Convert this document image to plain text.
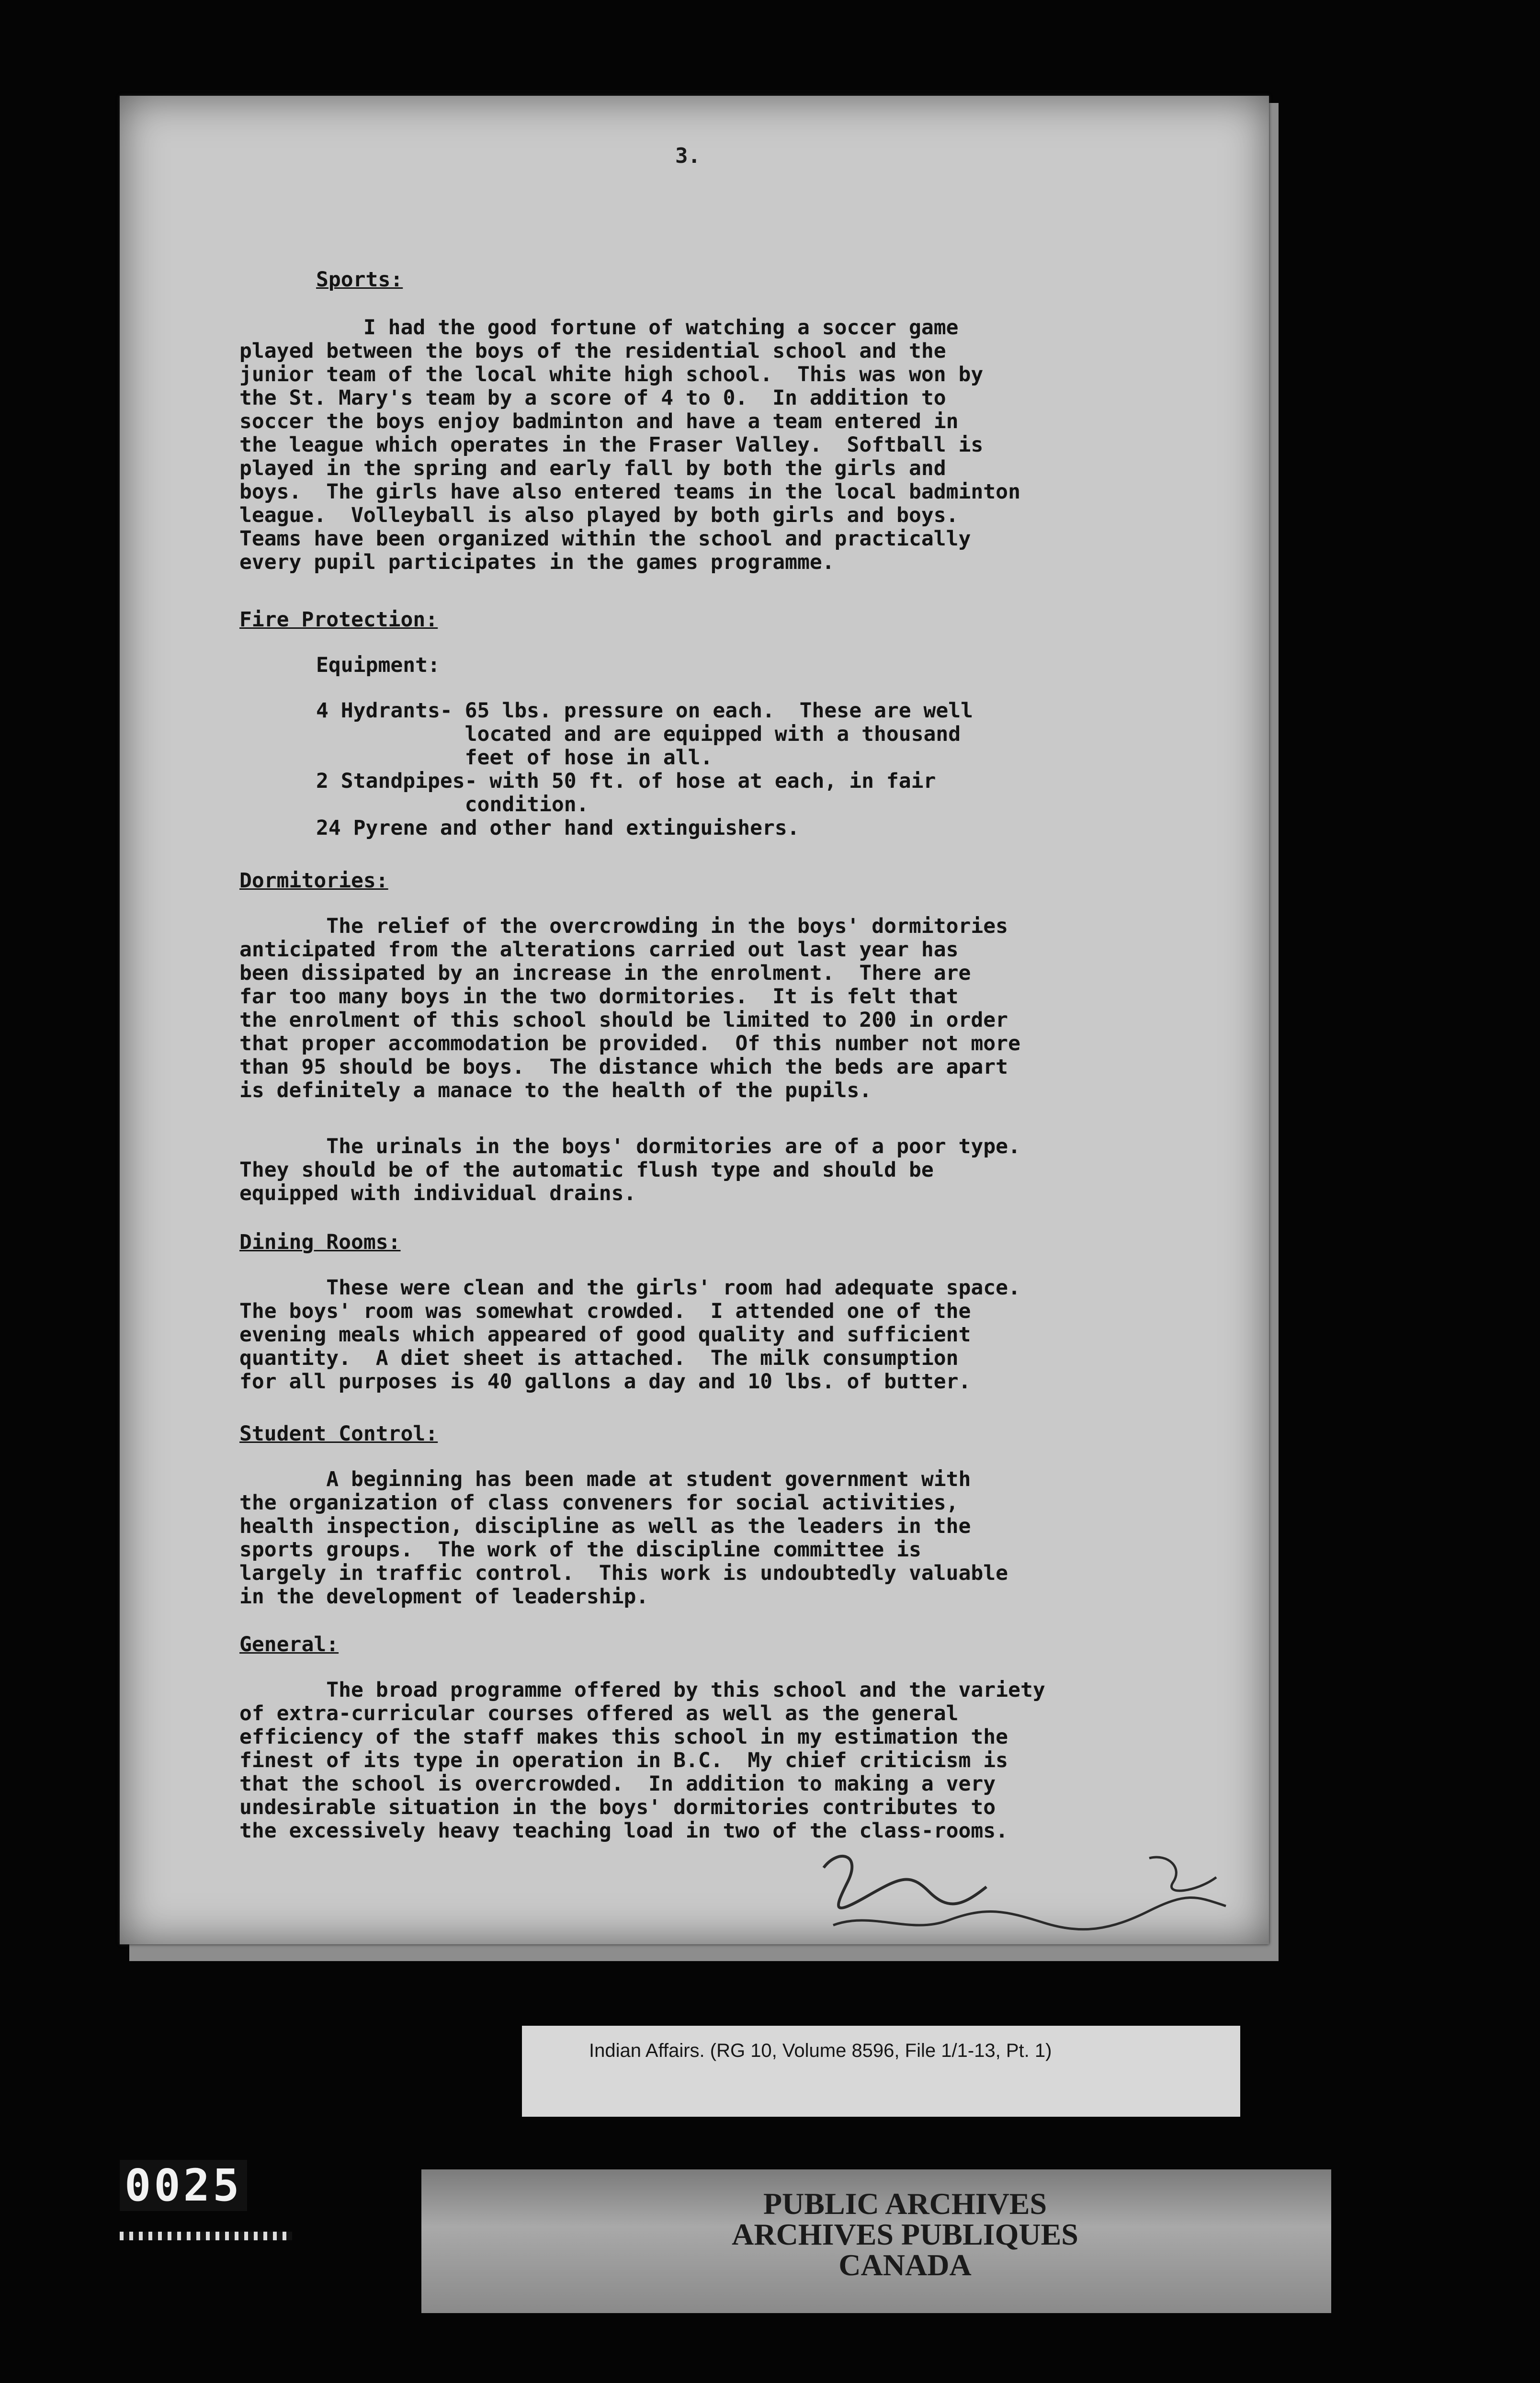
3.
Sports:
I had the good fortune of watching a soccer game
played between the boys of the residential school and the
junior team of the local white high school.  This was won by
the St. Mary's team by a score of 4 to 0.  In addition to
soccer the boys enjoy badminton and have a team entered in
the league which operates in the Fraser Valley.  Softball is
played in the spring and early fall by both the girls and
boys.  The girls have also entered teams in the local badminton
league.  Volleyball is also played by both girls and boys.
Teams have been organized within the school and practically
every pupil participates in the games programme.
Fire Protection:
Equipment:
4 Hydrants- 65 lbs. pressure on each.  These are well
located and are equipped with a thousand
feet of hose in all.
2 Standpipes- with 50 ft. of hose at each, in fair
condition.
24 Pyrene and other hand extinguishers.
Dormitories:
The relief of the overcrowding in the boys' dormitories
anticipated from the alterations carried out last year has
been dissipated by an increase in the enrolment.  There are
far too many boys in the two dormitories.  It is felt that
the enrolment of this school should be limited to 200 in order
that proper accommodation be provided.  Of this number not more
than 95 should be boys.  The distance which the beds are apart
is definitely a manace to the health of the pupils.
The urinals in the boys' dormitories are of a poor type.
They should be of the automatic flush type and should be
equipped with individual drains.
Dining Rooms:
These were clean and the girls' room had adequate space.
The boys' room was somewhat crowded.  I attended one of the
evening meals which appeared of good quality and sufficient
quantity.  A diet sheet is attached.  The milk consumption
for all purposes is 40 gallons a day and 10 lbs. of butter.
Student Control:
A beginning has been made at student government with
the organization of class conveners for social activities,
health inspection, discipline as well as the leaders in the
sports groups.  The work of the discipline committee is
largely in traffic control.  This work is undoubtedly valuable
in the development of leadership.
General:
The broad programme offered by this school and the variety
of extra-curricular courses offered as well as the general
efficiency of the staff makes this school in my estimation the
finest of its type in operation in B.C.  My chief criticism is
that the school is overcrowded.  In addition to making a very
undesirable situation in the boys' dormitories contributes to
the excessively heavy teaching load in two of the class-rooms.
Indian Affairs. (RG 10, Volume 8596, File 1/1-13, Pt. 1)
0025	PUBLIC ARCHIVES
ARCHIVES PUBLIQUES
CANADA
